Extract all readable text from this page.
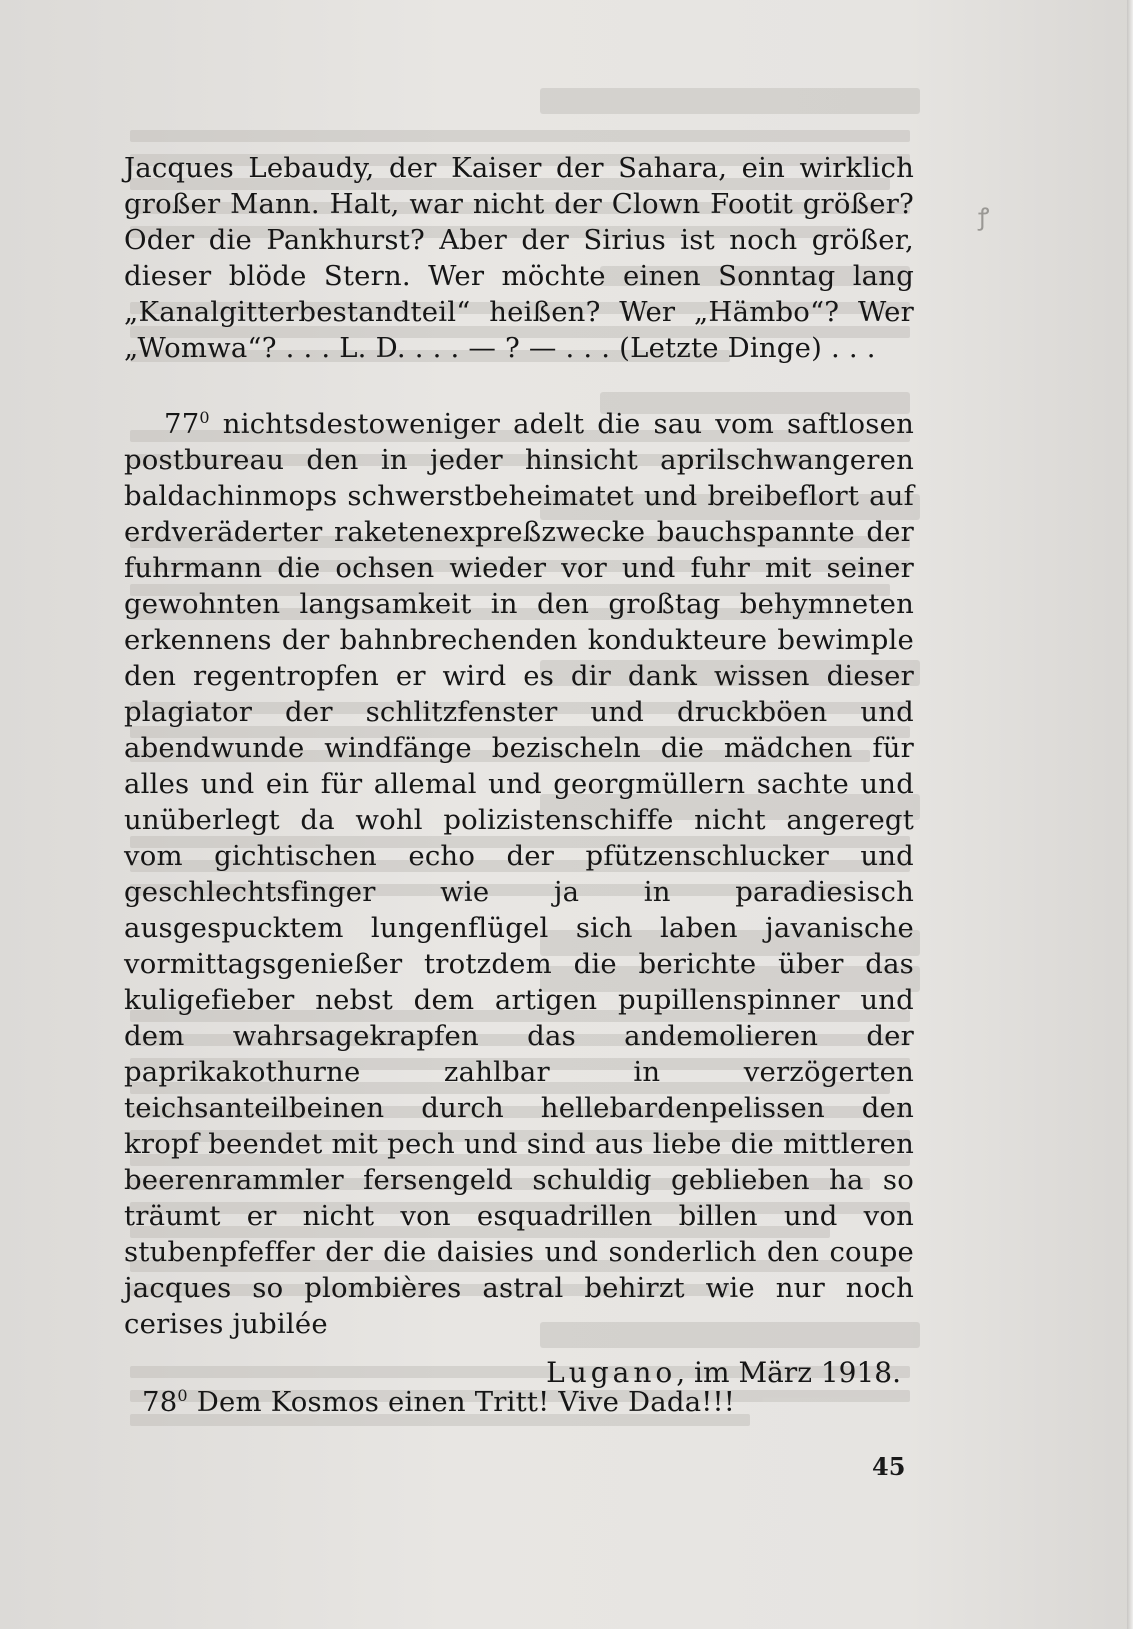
ꝭ

Jacques Lebaudy, der Kaiser der Sahara, ein wirklich großer Mann. Halt, war nicht der Clown Footit größer? Oder die Pankhurst? Aber der Sirius ist noch größer, dieser blöde Stern. Wer möchte einen Sonntag lang „Kanalgitterbestandteil“ heißen? Wer „Hämbo“? Wer „Womwa“? . . . L. D. . . . — ? — . . . (Letzte Dinge) . . .

$77^0$ nichtsdestoweniger adelt die sau vom saftlosen postbureau den in jeder hinsicht aprilschwangeren baldachinmops schwerstbeheimatet und breibeflort auf erdveräderter raketenexpreßzwecke bauchspannte der fuhrmann die ochsen wieder vor und fuhr mit seiner gewohnten langsamkeit in den großtag behymneten erkennens der bahnbrechenden kondukteure bewimple den regentropfen er wird es dir dank wissen dieser plagiator der schlitzfenster und druckböen und abendwunde windfänge bezischeln die mädchen für alles und ein für allemal und georgmüllern sachte und unüberlegt da wohl polizistenschiffe nicht angeregt vom gichtischen echo der pfützenschlucker und geschlechtsfinger wie ja in paradiesisch ausgespucktem lungenflügel sich laben javanische vormittagsgenießer trotzdem die berichte über das kuligefieber nebst dem artigen pupillenspinner und dem wahrsagekrapfen das andemolieren der paprikakothurne zahlbar in verzögerten teichsanteilbeinen durch hellebardenpelissen den kropf beendet mit pech und sind aus liebe die mittleren beerenrammler fersengeld schuldig geblieben ha so träumt er nicht von esquadrillen billen und von stubenpfeffer der die daisies und sonderlich den coupe jacques so plombières astral behirzt wie nur noch cerises jubilée

$78^0$ Dem Kosmos einen Tritt! Vive Dada!!!

Lugano, im März 1918.
45
